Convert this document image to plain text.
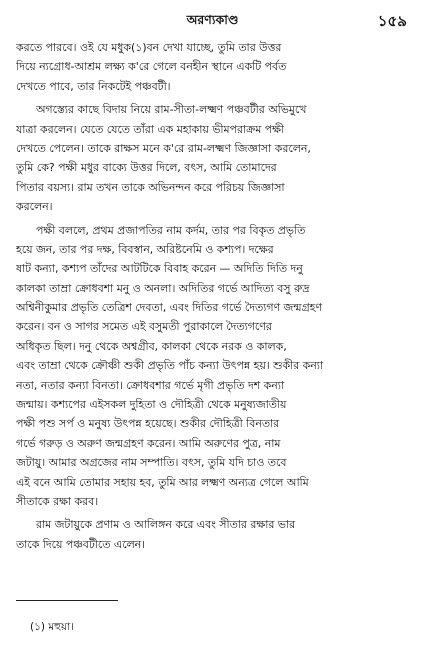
অরণ্যকাণ্ড	১৫৯
করতে পারবে। ওই যে মধুক(১)বন দেখা যাচ্ছে, তুমি তার উত্তর
দিয়ে ন্যগ্রোধ-আশ্রম লক্ষ্য ক'রে গেলে বনহীন স্থানে একটি পর্বত
দেখতে পাবে, তার নিকটেই পঞ্চবটী।
অগস্ত্যের কাছে বিদায় নিয়ে রাম-সীতা-লক্ষ্মণ পঞ্চবটীর অভিমুখে
যাত্রা করলেন। যেতে যেতে তাঁরা এক মহাকায় ভীমপরাক্রম পক্ষী
দেখতে পেলেন। তাকে রাক্ষস মনে ক'রে রাম-লক্ষ্মণ জিজ্ঞাসা করলেন,
তুমি কে? পক্ষী মধুর বাক্যে উত্তর দিলে, বৎস, আমি তোমাদের
পিতার বয়স্য। রাম তখন তাকে অভিনন্দন করে পরিচয় জিজ্ঞাসা
করলেন।
পক্ষী বললে, প্রথম প্রজাপতির নাম কর্দম, তার পর বিকৃত প্রভৃতি
হয়ে জন, তার পর দক্ষ, বিবস্বান, অরিষ্টনেমি ও কশ্যপ। দক্ষের
ষাট কন্যা, কশ্যপ তাঁদের আটটিকে বিবাহ করেন — অদিতি দিতি দনু
কালকা তাম্রা ক্রোধবশা মনু ও অনলা। অদিতির গর্ভে আদিত্য বসু রুদ্র
অশ্বিনীকুমার প্রভৃতি তেত্রিশ দেবতা, এবং দিতির গর্ভে দৈত্যগণ জন্মগ্রহণ
করেন। বন ও সাগর সমেত এই বসুমতী পুরাকালে দৈত্যগণের
অধিকৃত ছিল। দনু থেকে অশ্বগ্রীব, কালকা থেকে নরক ও কালক,
এবং তাম্রা থেকে ক্রৌঞ্চী শুকী প্রভৃতি পাঁচ কন্যা উৎপন্ন হয়। শুকীর কন্যা
নতা, নতার কন্যা বিনতা। ক্রোধবশার গর্ভে মৃগী প্রভৃতি দশ কন্যা
জন্মায়। কশ্যপের এইসকল দুহিতা ও দৌহিত্রী থেকে মনুষ্যজাতীয়
পক্ষী পশু সর্প ও মনুষ্য উৎপন্ন হয়েছে। শুকীর দৌহিত্রী বিনতার
গর্ভে গরুড় ও অরুণ জন্মগ্রহণ করেন। আমি অরুণের পুত্র, নাম
জটায়ু। আমার অগ্রজের নাম সম্পাতি। বৎস, তুমি যদি চাও তবে
এই বনে আমি তোমার সহায় হব, তুমি আর লক্ষ্মণ অন্যত্র গেলে আমি
সীতাকে রক্ষা করব।
রাম জটায়ুকে প্রণাম ও আলিঙ্গন করে এবং সীতার রক্ষার ভার
তাকে দিয়ে পঞ্চবটীতে এলেন।
(১) মহুয়া।
